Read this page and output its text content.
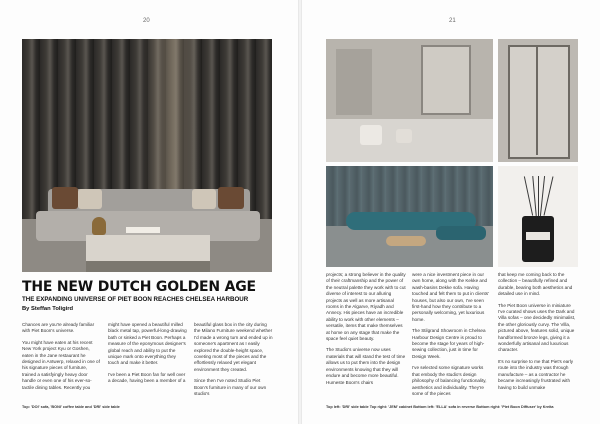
20	21
THE NEW DUTCH GOLDEN AGE
THE EXPANDING UNIVERSE OF PIET BOON REACHES CHELSEA HARBOUR

By Steffan Toligird

Chances are you're already familiar with Piet Boon's universe.

You might have eaten at his recent New York project Kyu or Goshen, eaten in the Jane restaurant he designed in Antwerp, relaxed in one of his signature pieces of furniture, trained a satisfyingly heavy door handle or even one of his ever-so-tactile dining tables. Recently you

might have opened a beautiful milled black metal tap, powerful-long-drawing bath or sinked a Piet Boon. Perhaps a measure of the eponymous designer's global reach and ability to put the unique mark onto everything they touch and make it better.

I've been a Piet Boon fan for well over a decade, having been a member of a

beautiful glass box in the city during the Milano Furniture weekend whether I'd made a wrong turn and ended up in someone's apartment as I easily explored the double-height space, coveting most of the pieces and the effortlessly relaxed yet elegant environment they created.

Since then I've noted Studio Piet Boon's furniture in many of our own studio's

Top: 'DOI' sofa, 'BONI' coffee table and 'DRI' side table

projects; a strong believer in the quality of their craftmanship and the power of the neutral palette they work with to cut diverse of interest to our alluring projects as well as more artisanal rooms in the Algarve, Riyadh and Annecy. His pieces have an incredible ability to work with other elements – versatile, items that make themselves at home on any stage that make the space feel quiet beauty.

The Studio's universe now uses materials that will stand the test of time allows us to put them into the design environments knowing that they will endure and become more beautiful. Humeste Boon's chairs

were a nice investment piece in our own home, along with the Kekke and wash-basins Dekke sofa. Having touched and felt them to put in clients' houses, but also our own, I've seen first-hand how they contribute to a personally welcoming, yet luxurious home.

The Stilgrand Showroom in Chelsea Harbour Design Centre is proud to become the stage for years of high-sewing collection, just in time for Design Week.

I've selected some signature works that embody the studio's design philosophy of balancing functionality, aesthetics and individuality. They're some of the pieces

that keep me coming back to the collection – beautifully refined and durable, bearing both aesthetics and detailed use in mind.

The Piet Boon universe in miniature I've curated shows uses the Dark and Villa sofas – one decidedly minimalist, the other gloriously curvy. The Villa, pictured above, features solid, unique handformed bronze legs, giving it a wonderfully artisanal and luxurious character.

It's no surprise to me that Piet's early route into the industry was through manufacture – as a contractor he became increasingly frustrated with having to build unmake

Top left: 'DRI' side table Top right: 'JEM' cabinet Bottom left: 'ELLA' sofa in reverse Bottom right: 'Piet Boon Diffuser' by Kreita
